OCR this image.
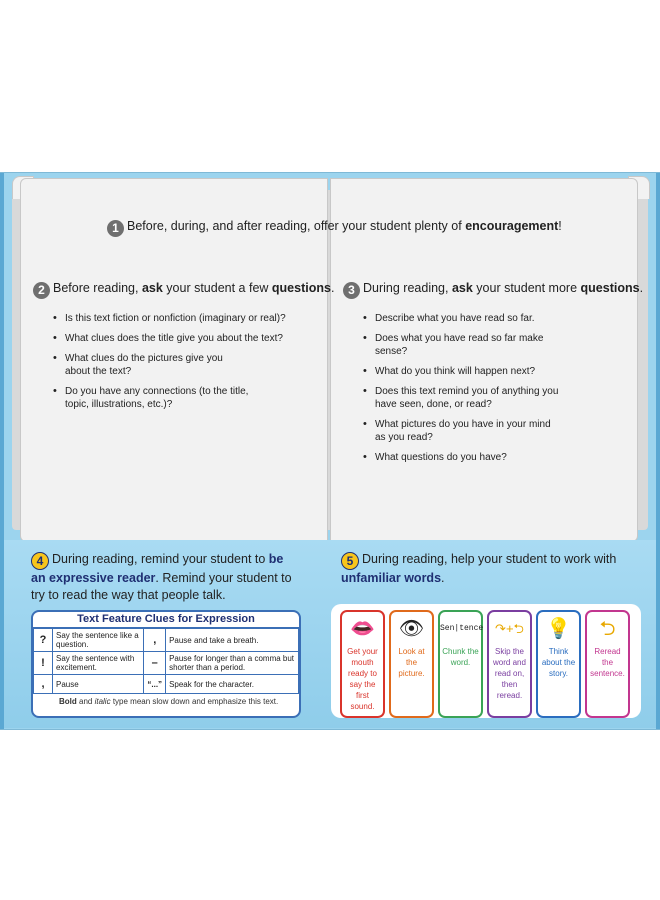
1 Before, during, and after reading, offer your student plenty of encouragement!
2 Before reading, ask your student a few questions.
• Is this text fiction or nonfiction (imaginary or real)?
• What clues does the title give you about the text?
• What clues do the pictures give you about the text?
• Do you have any connections (to the title, topic, illustrations, etc.)?
3 During reading, ask your student more questions.
• Describe what you have read so far.
• Does what you have read so far make sense?
• What do you think will happen next?
• Does this text remind you of anything you have seen, done, or read?
• What pictures do you have in your mind as you read?
• What questions do you have?
4 During reading, remind your student to be an expressive reader. Remind your student to try to read the way that people talk.
Text Feature Clues for Expression
?	Say the sentence like a question.	,	Pause and take a breath.
!	Say the sentence with excitement.	–	Pause for longer than a comma but shorter than a period.
,	Pause	“...”	Speak for the character.
Bold and italic type mean slow down and emphasize this text.
5 During reading, help your student to work with unfamiliar words.
👄
Get your mouth ready to say the first sound.
👁
Look at the picture.
Sen|tence
Chunk the word.
↷+⮌
Skip the word and read on, then reread.
💡
Think about the story.
⮌
Reread the sentence.
